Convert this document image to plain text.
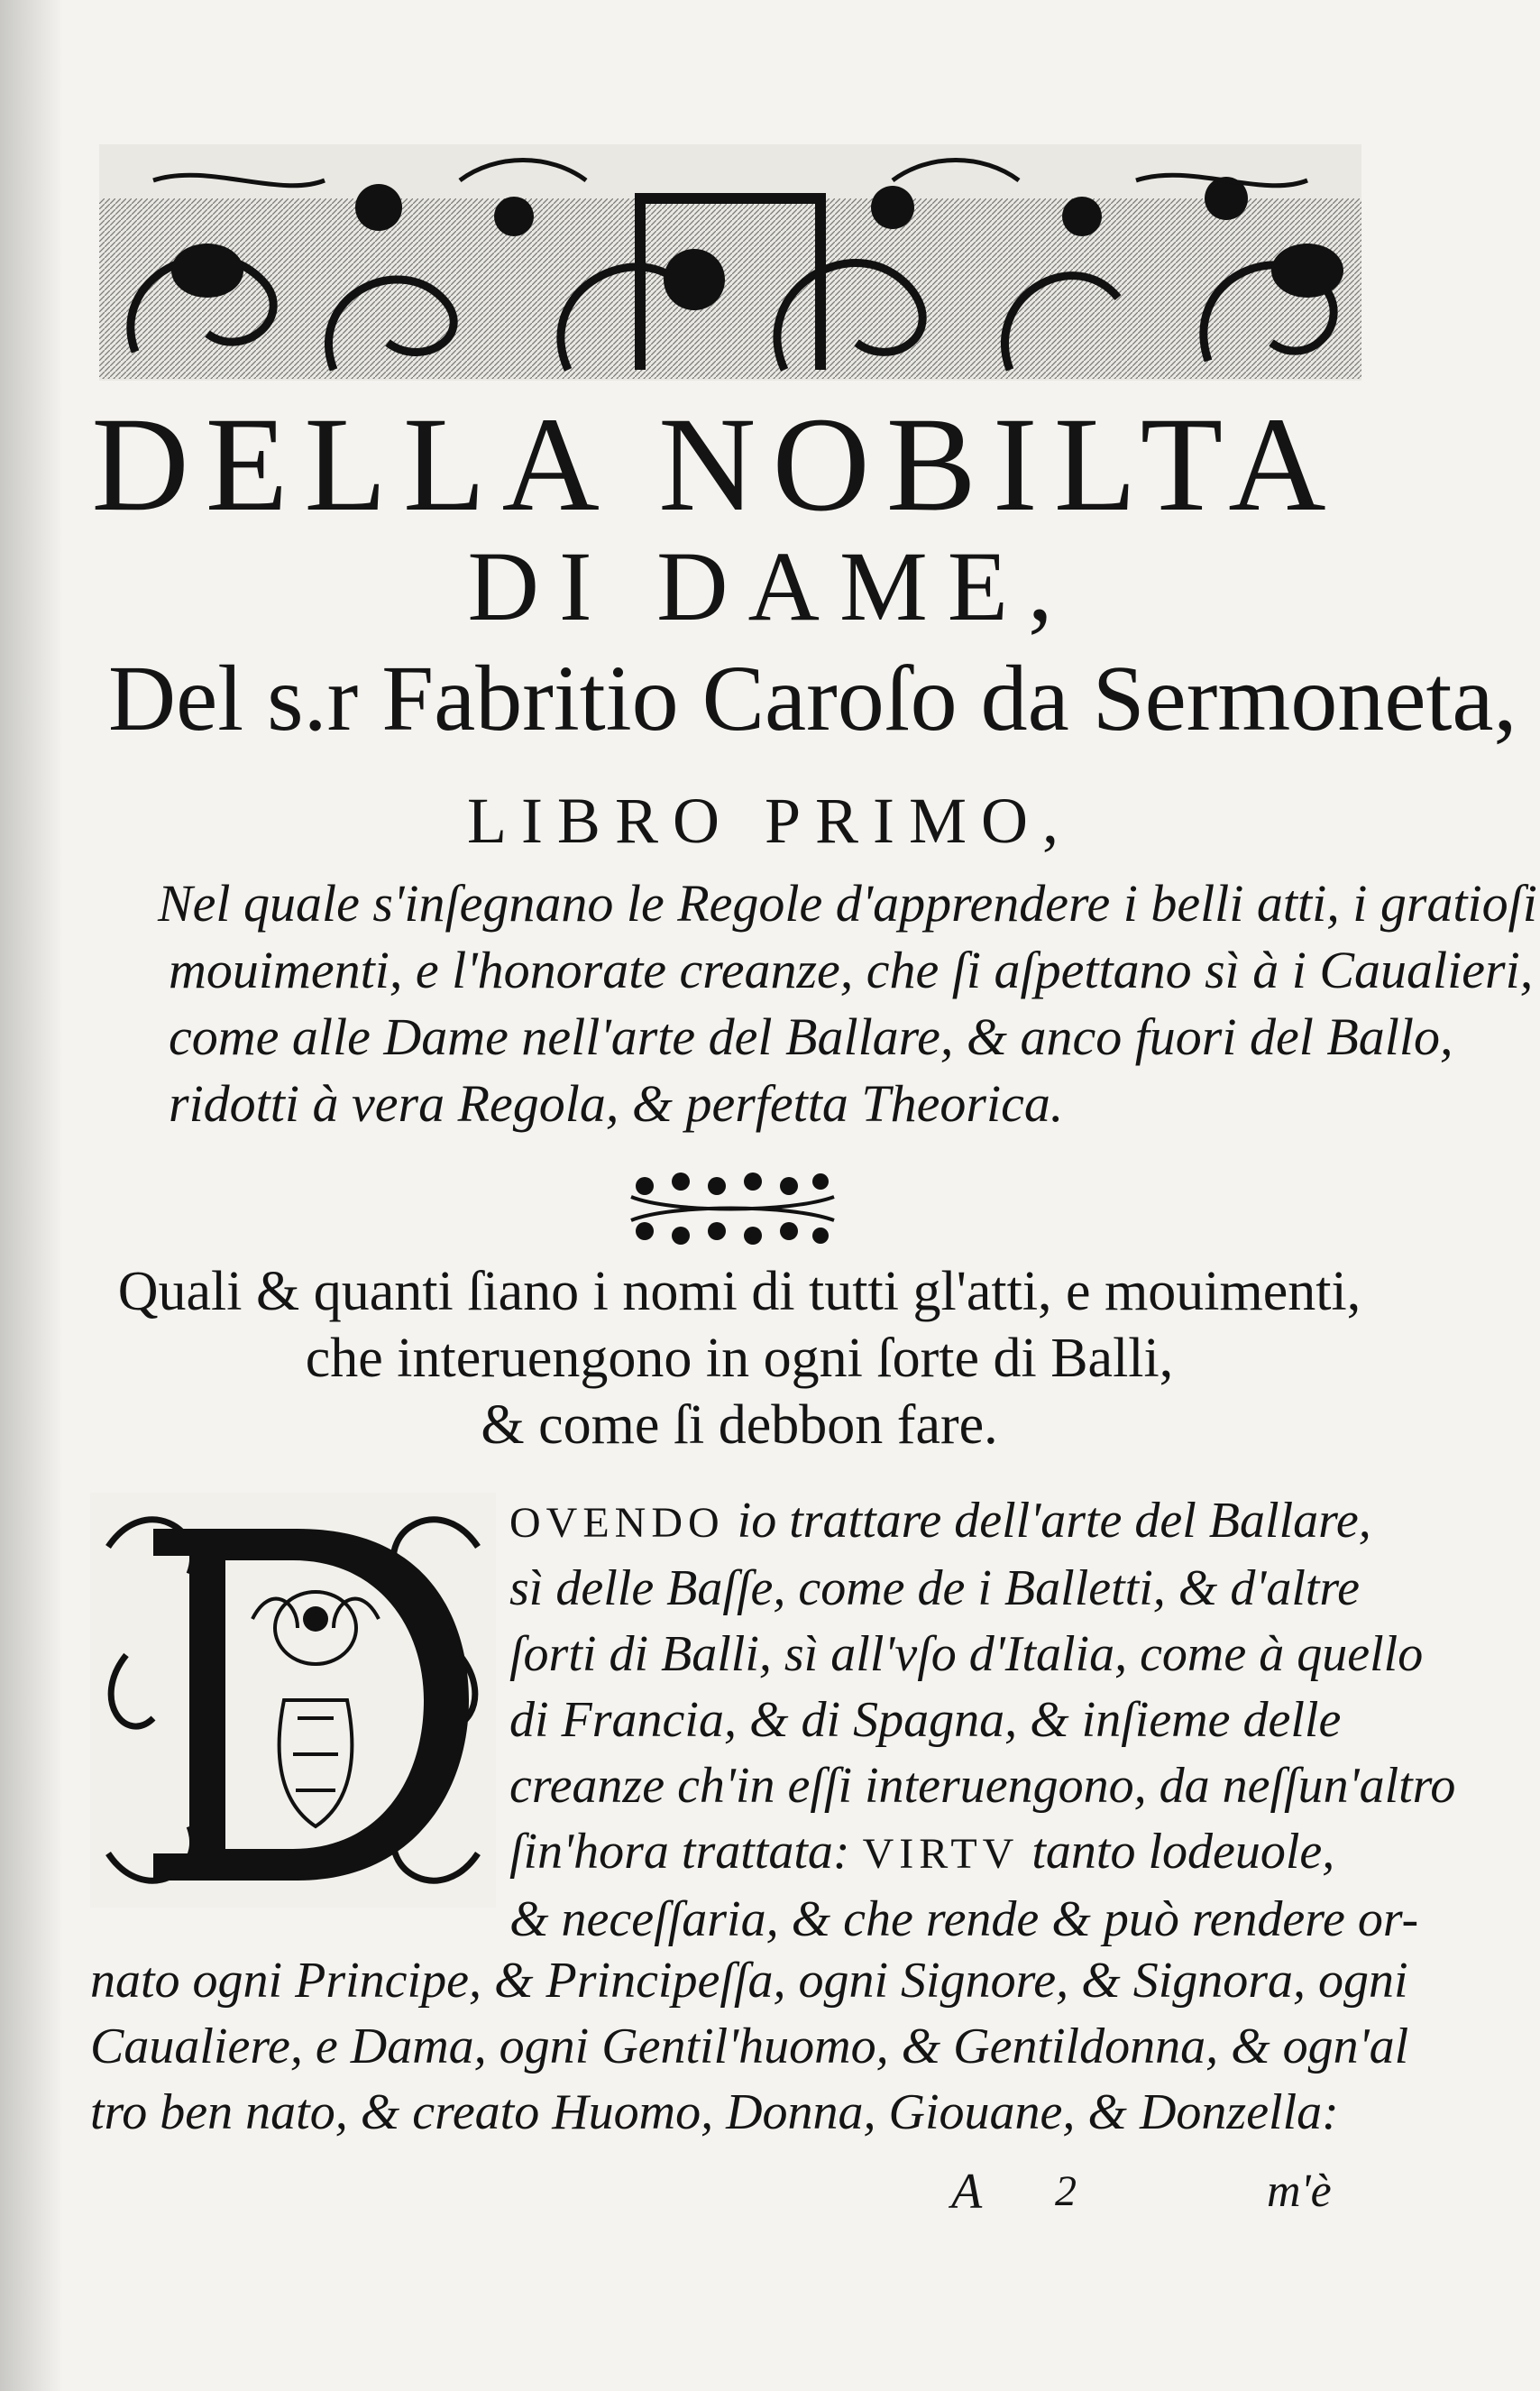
DELLA NOBILTA
DI DAME,
Del s.r Fabritio Caroſo da Sermoneta,
LIBRO PRIMO,

Nel quale s'inſegnano le Regole d'apprendere i belli atti, i gratioſi

mouimenti, e l'honorate creanze, che ſi aſpettano sì à i Caualieri,

come alle Dame nell'arte del Ballare, & anco fuori del Ballo,

ridotti à vera Regola, & perfetta Theorica.

Quali & quanti ſiano i nomi di tutti gl'atti, e mouimenti,

che interuengono in ogni ſorte di Balli,

& come ſi debbon fare.

OVENDO io trattare dell'arte del Ballare,

sì delle Baſſe, come de i Balletti, & d'altre

ſorti di Balli, sì all'vſo d'Italia, come à quello

di Francia, & di Spagna, & inſieme delle

creanze ch'in eſſi interuengono, da neſſun'altro

ſin'hora trattata: VIRTV tanto lodeuole,

& neceſſaria, & che rende & può rendere or-

nato ogni Principe, & Principeſſa, ogni Signore, & Signora, ogni

Caualiere, e Dama, ogni Gentil'huomo, & Gentildonna, & ogn'al

tro ben nato, & creato Huomo, Donna, Giouane, & Donzella:

A 2	m'è
